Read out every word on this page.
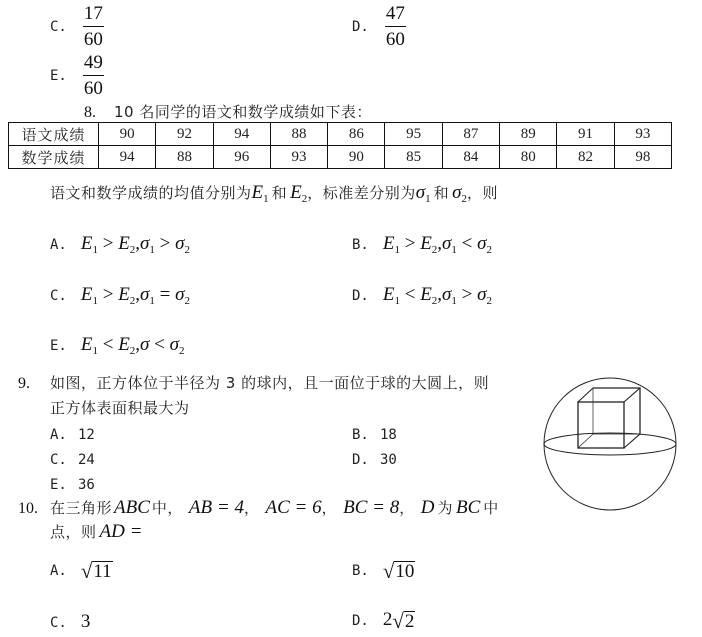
C. $\frac{17}{60}$	D. $\frac{47}{60}$
E. $\frac{49}{60}$
8. 10 名同学的语文和数学成绩如下表：
语文成绩	90	92	94	88	86	95	87	89	91	93
数学成绩	94	88	96	93	90	85	84	80	82	98
语文和数学成绩的均值分别为 $E_1$ 和 $E_2$ ，标准差分别为 $\sigma_1$ 和 $\sigma_2$ ，则
A. $E_1 > E_2,\sigma_1 > \sigma_2$	B. $E_1 > E_2,\sigma_1 < \sigma_2$
C. $E_1 > E_2,\sigma_1 = \sigma_2$	D. $E_1 < E_2,\sigma_1 > \sigma_2$
E. $E_1 < E_2,\sigma < \sigma_2$
9.	如图，正方体位于半径为 3 的球内，且一面位于球的大圆上，则
正方体表面积最大为
A. 12	B. 18
C. 24	D. 30
E. 36
10. 在三角形 ABC 中， AB = 4 ， AC = 6 ， BC = 8 ， D 为 BC 中
点，则 AD =
A. √ 11	B. √ 10
C. 3	D. 2 √ 2
